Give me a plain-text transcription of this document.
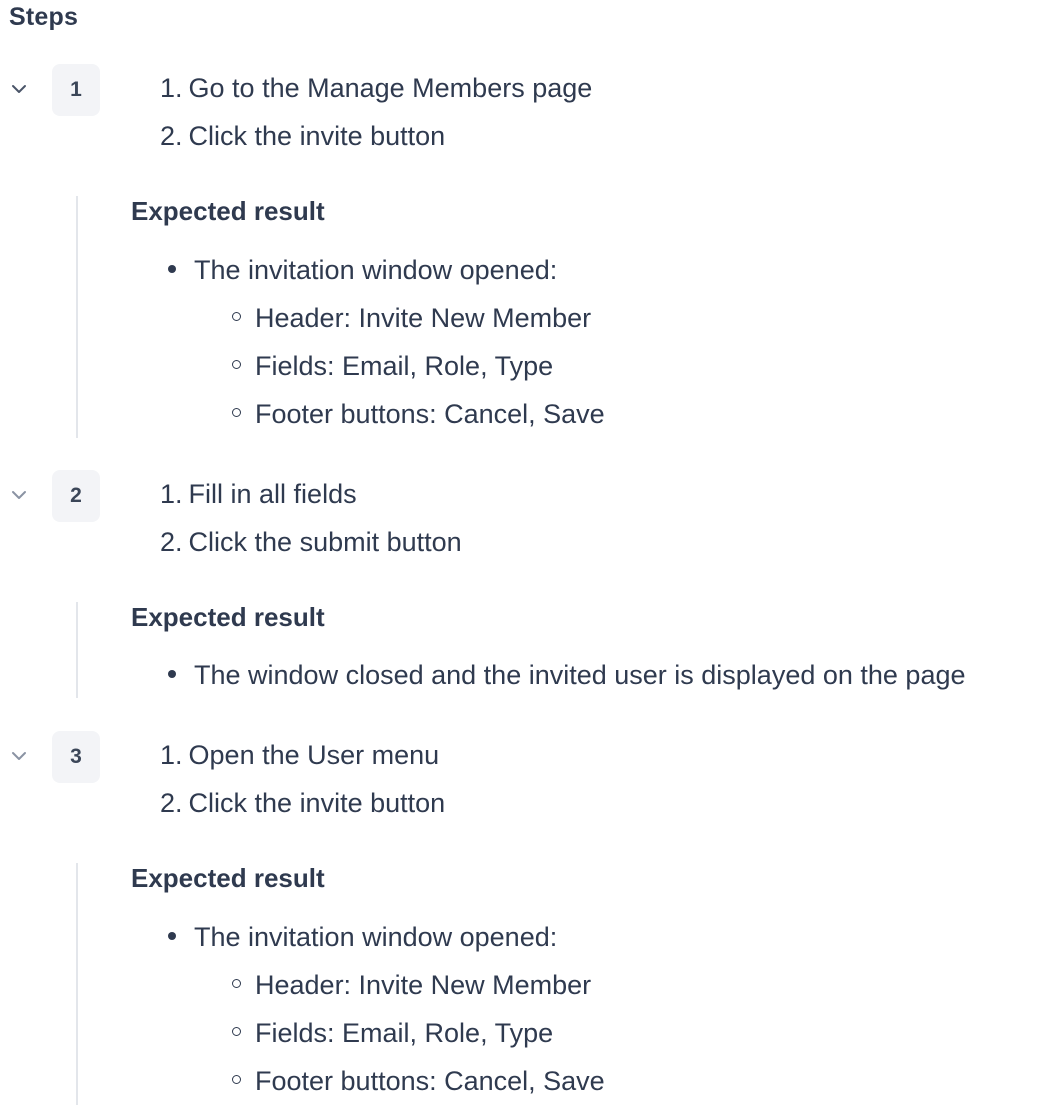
Steps
1	1. Go to the Manage Members page
2. Click the invite button
Expected result
The invitation window opened:
Header: Invite New Member
Fields: Email, Role, Type
Footer buttons: Cancel, Save
2	1. Fill in all fields
2. Click the submit button
Expected result
The window closed and the invited user is displayed on the page
3	1. Open the User menu
2. Click the invite button
Expected result
The invitation window opened:
Header: Invite New Member
Fields: Email, Role, Type
Footer buttons: Cancel, Save
